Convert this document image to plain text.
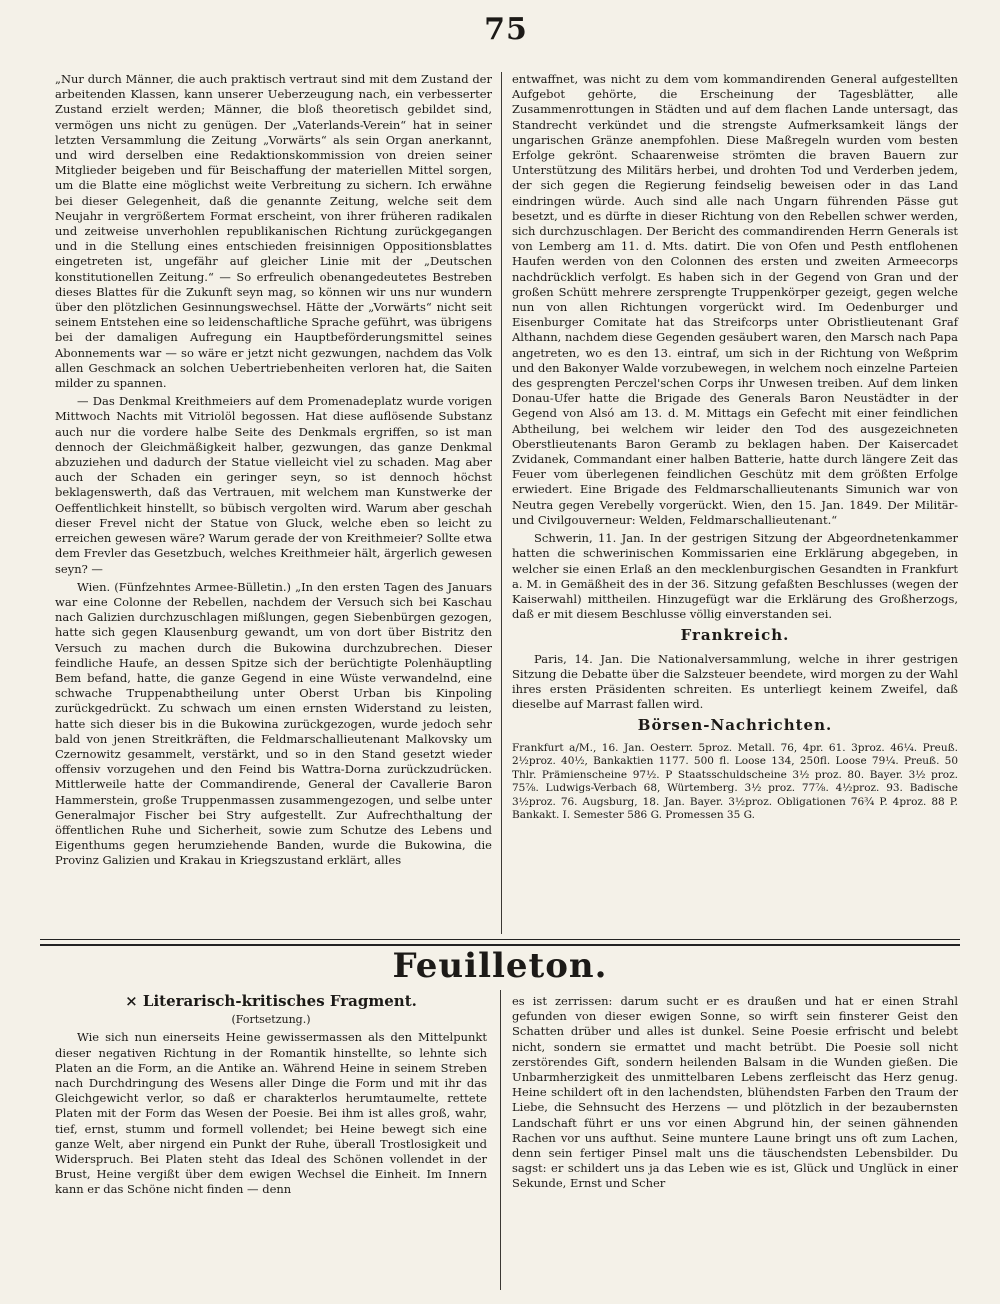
75

„Nur durch Männer, die auch praktisch vertraut sind mit dem Zustand der arbeitenden Klassen, kann unserer Ueberzeugung nach, ein verbesserter Zustand erzielt werden; Männer, die bloß theoretisch gebildet sind, vermögen uns nicht zu genügen. Der „Vaterlands-Verein“ hat in seiner letzten Versammlung die Zeitung „Vorwärts“ als sein Organ anerkannt, und wird derselben eine Redaktionskommission von dreien seiner Mitglieder beigeben und für Beischaffung der materiellen Mittel sorgen, um die Blatte eine möglichst weite Verbreitung zu sichern. Ich erwähne bei dieser Gelegenheit, daß die genannte Zeitung, welche seit dem Neujahr in vergrößertem Format erscheint, von ihrer früheren radikalen und zeitweise unverhohlen republikanischen Richtung zurückgegangen und in die Stellung eines entschieden freisinnigen Oppositionsblattes eingetreten ist, ungefähr auf gleicher Linie mit der „Deutschen konstitutionellen Zeitung.“ — So erfreulich obenangedeutetes Bestreben dieses Blattes für die Zukunft seyn mag, so können wir uns nur wundern über den plötzlichen Gesinnungswechsel. Hätte der „Vorwärts“ nicht seit seinem Entstehen eine so leidenschaftliche Sprache geführt, was übrigens bei der damaligen Aufregung ein Hauptbeförderungsmittel seines Abonnements war — so wäre er jetzt nicht gezwungen, nachdem das Volk allen Geschmack an solchen Uebertriebenheiten verloren hat, die Saiten milder zu spannen.

— Das Denkmal Kreithmeiers auf dem Promenadeplatz wurde vorigen Mittwoch Nachts mit Vitriolöl begossen. Hat diese auflösende Substanz auch nur die vordere halbe Seite des Denkmals ergriffen, so ist man dennoch der Gleichmäßigkeit halber, gezwungen, das ganze Denkmal abzuziehen und dadurch der Statue vielleicht viel zu schaden. Mag aber auch der Schaden ein geringer seyn, so ist dennoch höchst beklagenswerth, daß das Vertrauen, mit welchem man Kunstwerke der Oeffentlichkeit hinstellt, so bübisch vergolten wird. Warum aber geschah dieser Frevel nicht der Statue von Gluck, welche eben so leicht zu erreichen gewesen wäre? Warum gerade der von Kreithmeier? Sollte etwa dem Frevler das Gesetzbuch, welches Kreithmeier hält, ärgerlich gewesen seyn? —

Wien. (Fünfzehntes Armee-Bülletin.) „In den ersten Tagen des Januars war eine Colonne der Rebellen, nachdem der Versuch sich bei Kaschau nach Galizien durchzuschlagen mißlungen, gegen Siebenbürgen gezogen, hatte sich gegen Klausenburg gewandt, um von dort über Bistritz den Versuch zu machen durch die Bukowina durchzubrechen. Dieser feindliche Haufe, an dessen Spitze sich der berüchtigte Polenhäuptling Bem befand, hatte, die ganze Gegend in eine Wüste verwandelnd, eine schwache Truppenabtheilung unter Oberst Urban bis Kinpoling zurückgedrückt. Zu schwach um einen ernsten Widerstand zu leisten, hatte sich dieser bis in die Bukowina zurückgezogen, wurde jedoch sehr bald von jenen Streitkräften, die Feldmarschallieutenant Malkovsky um Czernowitz gesammelt, verstärkt, und so in den Stand gesetzt wieder offensiv vorzugehen und den Feind bis Wattra-Dorna zurückzudrücken. Mittlerweile hatte der Commandirende, General der Cavallerie Baron Hammerstein, große Truppenmassen zusammengezogen, und selbe unter Generalmajor Fischer bei Stry aufgestellt. Zur Aufrechthaltung der öffentlichen Ruhe und Sicherheit, sowie zum Schutze des Lebens und Eigenthums gegen herumziehende Banden, wurde die Bukowina, die Provinz Galizien und Krakau in Kriegszustand erklärt, alles

entwaffnet, was nicht zu dem vom kommandirenden General aufgestellten Aufgebot gehörte, die Erscheinung der Tagesblätter, alle Zusammenrottungen in Städten und auf dem flachen Lande untersagt, das Standrecht verkündet und die strengste Aufmerksamkeit längs der ungarischen Gränze anempfohlen. Diese Maßregeln wurden vom besten Erfolge gekrönt. Schaarenweise strömten die braven Bauern zur Unterstützung des Militärs herbei, und drohten Tod und Verderben jedem, der sich gegen die Regierung feindselig beweisen oder in das Land eindringen würde. Auch sind alle nach Ungarn führenden Pässe gut besetzt, und es dürfte in dieser Richtung von den Rebellen schwer werden, sich durchzuschlagen. Der Bericht des commandirenden Herrn Generals ist von Lemberg am 11. d. Mts. datirt. Die von Ofen und Pesth entflohenen Haufen werden von den Colonnen des ersten und zweiten Armeecorps nachdrücklich verfolgt. Es haben sich in der Gegend von Gran und der großen Schütt mehrere zersprengte Truppenkörper gezeigt, gegen welche nun von allen Richtungen vorgerückt wird. Im Oedenburger und Eisenburger Comitate hat das Streifcorps unter Obristlieutenant Graf Althann, nachdem diese Gegenden gesäubert waren, den Marsch nach Papa angetreten, wo es den 13. eintraf, um sich in der Richtung von Weßprim und den Bakonyer Walde vorzubewegen, in welchem noch einzelne Parteien des gesprengten Perczel'schen Corps ihr Unwesen treiben. Auf dem linken Donau-Ufer hatte die Brigade des Generals Baron Neustädter in der Gegend von Alsó am 13. d. M. Mittags ein Gefecht mit einer feindlichen Abtheilung, bei welchem wir leider den Tod des ausgezeichneten Oberstlieutenants Baron Geramb zu beklagen haben. Der Kaisercadet Zvidanek, Commandant einer halben Batterie, hatte durch längere Zeit das Feuer vom überlegenen feindlichen Geschütz mit dem größten Erfolge erwiedert. Eine Brigade des Feldmarschallieutenants Simunich war von Neutra gegen Verebelly vorgerückt. Wien, den 15. Jan. 1849. Der Militär- und Civilgouverneur: Welden, Feldmarschallieutenant.“

Schwerin, 11. Jan. In der gestrigen Sitzung der Abgeordnetenkammer hatten die schwerinischen Kommissarien eine Erklärung abgegeben, in welcher sie einen Erlaß an den mecklenburgischen Gesandten in Frankfurt a. M. in Gemäßheit des in der 36. Sitzung gefaßten Beschlusses (wegen der Kaiserwahl) mittheilen. Hinzugefügt war die Erklärung des Großherzogs, daß er mit diesem Beschlusse völlig einverstanden sei.

Frankreich.

Paris, 14. Jan. Die Nationalversammlung, welche in ihrer gestrigen Sitzung die Debatte über die Salzsteuer beendete, wird morgen zu der Wahl ihres ersten Präsidenten schreiten. Es unterliegt keinem Zweifel, daß dieselbe auf Marrast fallen wird.

Börsen-Nachrichten.

Frankfurt a/M., 16. Jan. Oesterr. 5proz. Metall. 76, 4pr. 61. 3proz. 46¼. Preuß. 2½proz. 40½, Bankaktien 1177. 500 fl. Loose 134, 250fl. Loose 79¼. Preuß. 50 Thlr. Prämienscheine 97½. P Staatsschuldscheine 3½ proz. 80. Bayer. 3½ proz. 75⅞. Ludwigs-Verbach 68, Würtemberg. 3½ proz. 77⅞. 4½proz. 93. Badische 3½proz. 76. Augsburg, 18. Jan. Bayer. 3½proz. Obligationen 76¾ P. 4proz. 88 P. Bankakt. I. Semester 586 G. Promessen 35 G.

Feuilleton.

× Literarisch-kritisches Fragment.

(Fortsetzung.)

Wie sich nun einerseits Heine gewissermassen als den Mittelpunkt dieser negativen Richtung in der Romantik hinstellte, so lehnte sich Platen an die Form, an die Antike an. Während Heine in seinem Streben nach Durchdringung des Wesens aller Dinge die Form und mit ihr das Gleichgewicht verlor, so daß er charakterlos herumtaumelte, rettete Platen mit der Form das Wesen der Poesie. Bei ihm ist alles groß, wahr, tief, ernst, stumm und formell vollendet; bei Heine bewegt sich eine ganze Welt, aber nirgend ein Punkt der Ruhe, überall Trostlosigkeit und Widerspruch. Bei Platen steht das Ideal des Schönen vollendet in der Brust, Heine vergißt über dem ewigen Wechsel die Einheit. Im Innern kann er das Schöne nicht finden — denn

es ist zerrissen: darum sucht er es draußen und hat er einen Strahl gefunden von dieser ewigen Sonne, so wirft sein finsterer Geist den Schatten drüber und alles ist dunkel. Seine Poesie erfrischt und belebt nicht, sondern sie ermattet und macht betrübt. Die Poesie soll nicht zerstörendes Gift, sondern heilenden Balsam in die Wunden gießen. Die Unbarmherzigkeit des unmittelbaren Lebens zerfleischt das Herz genug. Heine schildert oft in den lachendsten, blühendsten Farben den Traum der Liebe, die Sehnsucht des Herzens — und plötzlich in der bezaubernsten Landschaft führt er uns vor einen Abgrund hin, der seinen gähnenden Rachen vor uns aufthut. Seine muntere Laune bringt uns oft zum Lachen, denn sein fertiger Pinsel malt uns die täuschendsten Lebensbilder. Du sagst: er schildert uns ja das Leben wie es ist, Glück und Unglück in einer Sekunde, Ernst und Scher
